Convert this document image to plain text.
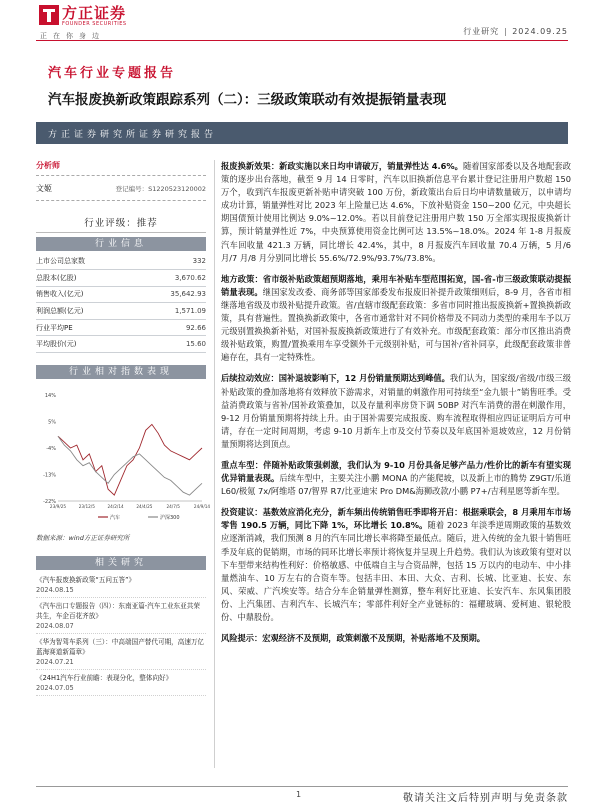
方正证券
FOUNDER SECURITIES
正在你身边	行业研究 2024.09.25
汽车行业专题报告
汽车报废换新政策跟踪系列（二）：三级政策联动有效提振销量表现
方正证券研究所证券研究报告
分析师
文姬	登记编号：S1220523120002
行业评级：推荐
行业信息
上市公司总家数	332
总股本(亿股)	3,670.62
销售收入(亿元)	35,642.93
利润总额(亿元)	1,571.09
行业平均PE	92.66
平均股价(元)	15.60
行业相对指数表现
14%
5%
-4%
-13%
-22%
23/9/25	23/12/5	24/2/14	24/4/25	24/7/5	24/9/14
汽车	沪深300
数据来源：wind方正证券研究所
相关研究
《汽车报废换新政策“五问五答”》
2024.08.15
《汽车出口专题报告（四）：东南亚篇-汽车工业东亚共荣共生，车企百花齐放》
2024.08.07
《华为智驾车系列（三）：中高端国产替代可期，高速万亿蓝海赛道新篇章》
2024.07.21
《24H1汽车行业前瞻：表现分化，整体向好》
2024.07.05
报废换新效果：新政实施以来日均申请破万，销量弹性达 4.6%。随着国家部委以及各地配套政策的逐步出台落地，截至 9 月 14 日零时，汽车以旧换新信息平台累计登记注册用户数超 150 万个，收到汽车报废更新补贴申请突破 100 万份，新政策出台后日均申请数量破万，以申请均成功计算，销量弹性对比 2023 年上险量已达 4.6%，下放补贴资金 150~200 亿元，中央超长期国债预计使用比例达 9.0%~12.0%。若以目前登记注册用户数 150 万全部实现报废换新计算，预计销量弹性近 7%，中央预算使用资金比例可达 13.5%~18.0%。2024 年 1-8 月报废汽车回收量 421.3 万辆，同比增长 42.4%，其中，8 月报废汽车回收量 70.4 万辆，5 月/6 月/7 月/8 月分别同比增长 55.6%/72.9%/93.7%/73.8%。
地方政策：省市级补贴政策超预期落地，乘用车补贴车型范围拓宽，国-省-市三级政策联动提振销量表现。继国家发改委、商务部等国家部委发布报废旧补提升政策细则后，8-9 月，各省市相继落地省级及市级补贴提升政策。省/直辖市级配套政策：多省市同时推出报废换新+置换换新政策，具有普遍性。置换换新政策中，各省市通常针对不同价格带及不同动力类型的乘用车予以万元级别置换换新补贴，对国补报废换新政策进行了有效补充。市级配套政策：部分市区推出消费级补贴政策，购置/置换乘用车享受额外千元级别补贴，可与国补/省补同享，此级配套政策非普遍存在，具有一定特殊性。
后续拉动效应：国补退坡影响下，12 月份销量预期达到峰值。我们认为，国家级/省级/市级三级补贴政策的叠加落地将有效释放下游需求，对销量的刺激作用可持续至“金九银十”销售旺季。受益消费政策与省补/国补政策叠加，以及存量利率房贷下调 50BP 对汽车消费的潜在刺激作用，9-12 月份销量预期将持续上升。由于国补需要完成报废、购车流程取得相应四证证明后方可申请，存在一定时间周期，考虑 9-10 月新车上市及交付节奏以及年底国补退坡效应，12 月份销量预期将达到顶点。
重点车型：伴随补贴政策强刺激，我们认为 9-10 月份具备足够产品力/性价比的新车有望实现优异销量表现。后续车型中，主要关注小鹏 MONA 的产能爬坡，以及新上市的腾势 Z9GT/乐道 L60/极氪 7x/阿维塔 07/智界 R7/比亚迪宋 Pro DM&海狮改款/小鹏 P7+/吉利星愿等新车型。
投资建议：基数效应消化充分，新车频出传统销售旺季即将开启：根据乘联会，8 月乘用车市场零售 190.5 万辆，同比下降 1%，环比增长 10.8%。随着 2023 年淡季逆周期政策的基数效应逐渐消减，我们预测 8 月的汽车同比增长率将降至最低点。随后，进入传统的金九银十销售旺季及年底的促销期，市场的同环比增长率预计将恢复并呈现上升趋势。我们认为该政策有望对以下车型带来结构性利好：价格敏感、中低端自主与合资品牌，包括 15 万以内的电动车、中小排量燃油车、10 万左右的合资车等。包括丰田、本田、大众、吉利、长城、比亚迪、长安、东风、荣威、广汽埃安等。结合分车企销量弹性测算，整车利好比亚迪、长安汽车、东风集团股份、上汽集团、吉利汽车、长城汽车；零部件利好全产业链标的：福耀玻璃、爱柯迪、银轮股份、中鼎股份。
风险提示：宏观经济不及预期，政策刺激不及预期，补贴落地不及预期。
1	敬请关注文后特别声明与免责条款
